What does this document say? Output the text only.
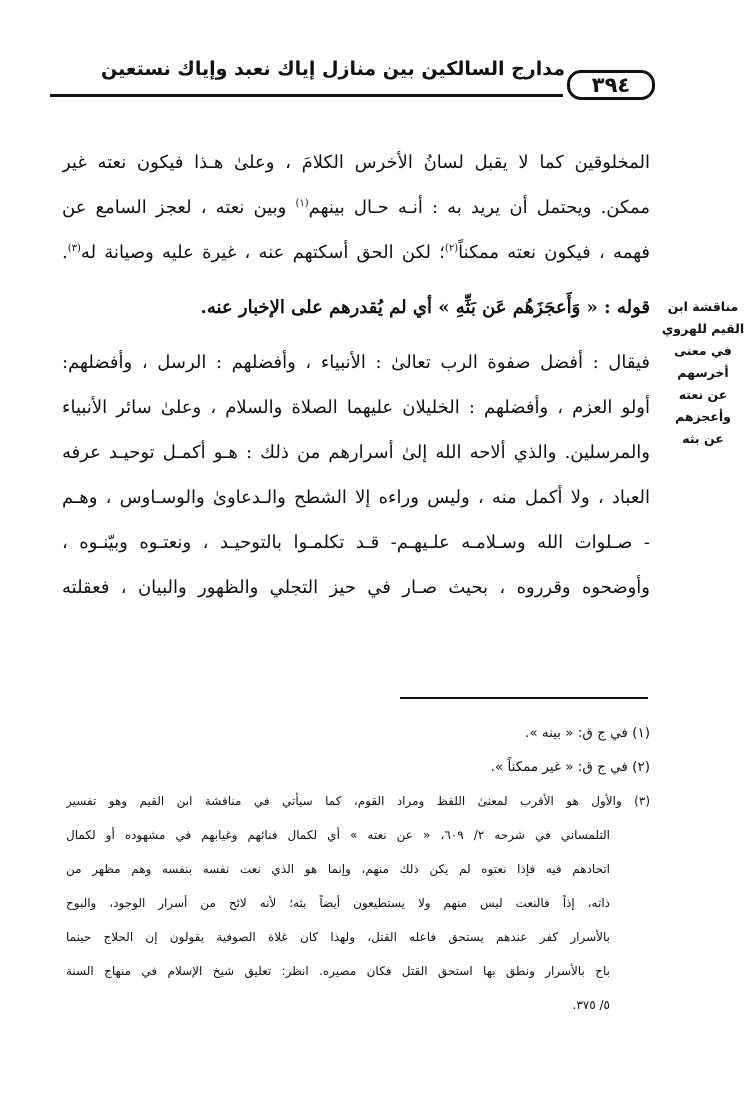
٣٩٤
مدارج السالكين بين منازل إياك نعبد وإياك نستعين
المخلوقين كما لا يقبل لسانُ الأخرس الكلامَ ، وعلىٰ هـذا فيكون نعته غير
ممكن. ويحتمل أن يريد به : أنـه حـال بينهم$^{(١)}$ وبين نعته ، لعجز السامع عن
فهمه ، فيكون نعته ممكناً$^{(٢)}$؛ لكن الحق أسكتهم عنه ، غيرة عليه وصيانة له$^{(٣)}$.
قوله : « وَأَعجَزَهُم عَن بَثِّهِ » أي لم يُقدرهم على الإخبار عنه.
فيقال : أفضل صفوة الرب تعالىٰ : الأنبياء ، وأفضلهم : الرسل ، وأفضلهم:
أولو العزم ، وأفضلهم : الخليلان عليهما الصلاة والسلام ، وعلىٰ سائر الأنبياء
والمرسلين. والذي ألاحه الله إلىٰ أسرارهم من ذلك : هـو أكمـل توحيـد عرفه
العباد ، ولا أكمل منه ، وليس وراءه إلا الشطح والـدعاوىٰ والوسـاوس ، وهـم
- صـلوات الله وسـلامـه علـيهـم- قـد تكلمـوا بالتوحيـد ، ونعتـوه وبيّنـوه ،
وأوضحوه وقرروه ، بحيث صـار في حيز التجلي والظهور والبيان ، فعقلته
مناقشة ابن
القيم للهروي
في معنى
أخرسهم
عن نعته
وأعجزهم
عن بثه
(١) في ج ق: « بينه ».
(٢) في ج ق: « غير ممكناً ».
(٣) والأول هو الأقرب لمعنىٰ اللفظ ومراد القوم، كما سيأتي في مناقشة ابن القيم وهو تفسير
التلمساني في شرحه ٢/ ٦٠٩، « عن نعته » أي لكمال فنائهم وغيابهم في مشهوده أو لكمال
اتحادهم فيه فإذا نعتوه لم يكن ذلك منهم، وإنما هو الذي نعت نفسه بنفسه وهم مظهر من
ذاته، إذاً فالنعت ليس منهم ولا يستطيعون أيضاً بثه؛ لأنه لائح من أسرار الوجود، والبوح
بالأسرار كفر عندهم يستحق فاعله القتل، ولهذا كان غلاة الصوفية يقولون إن الحلاج حينما
باح بالأسرار ونطق بها استحق القتل فكان مصيره. انظر: تعليق شيخ الإسلام في منهاج السنة
٥/ ٣٧٥.
